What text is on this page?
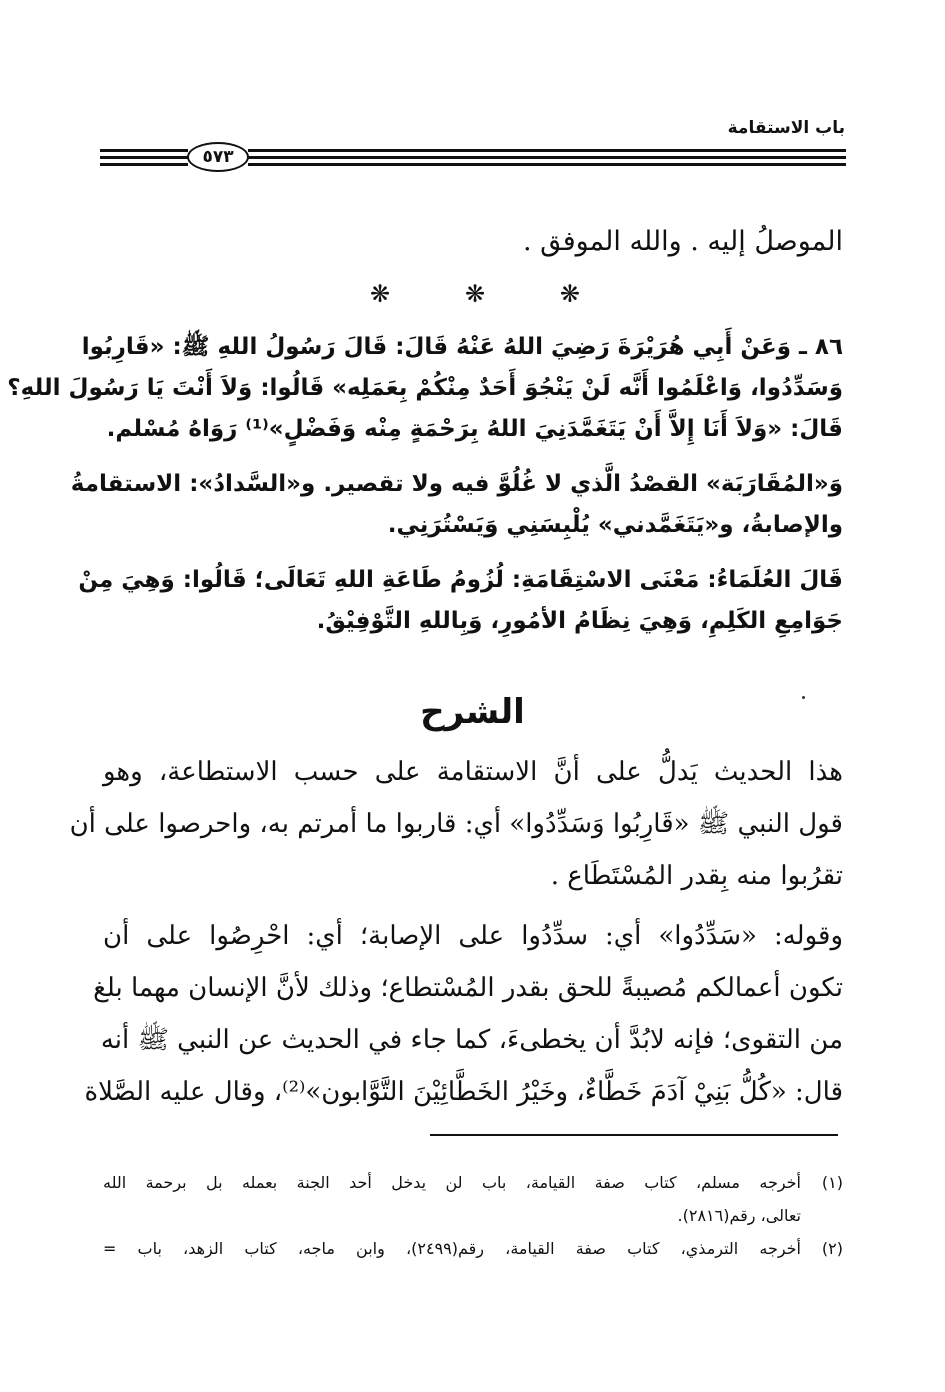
باب الاستقامة
٥٧٣
الموصلُ إليه . والله الموفق .
❋	❋	❋
٨٦ ـ وَعَنْ أَبِي هُرَيْرَةَ رَضِيَ اللهُ عَنْهُ قَالَ: قَالَ رَسُولُ اللهِ ﷺ: «قَارِبُوا
وَسَدِّدُوا، وَاعْلَمُوا أَنَّه لَنْ يَنْجُوَ أَحَدٌ مِنْكُمْ بِعَمَلِه» قَالُوا: وَلاَ أَنْتَ يَا رَسُولَ اللهِ؟
قَالَ: «وَلاَ أَنَا إِلاَّ أَنْ يَتَغَمَّدَنِيَ اللهُ بِرَحْمَةٍ مِنْه وَفَضْلٍ»⁽¹⁾ رَوَاهُ مُسْلم.
وَ«المُقَارَبَة» القصْدُ الَّذي لا غُلُوَّ فيه ولا تقصير. و«السَّدادُ»: الاستقامةُ
والإصابةُ، و«يَتَغَمَّدني» يُلْبِسَنِي وَيَسْتُرَنِي.
قَالَ العُلَمَاءُ: مَعْنَى الاسْتِقَامَةِ: لُزُومُ طَاعَةِ اللهِ تَعَالَى؛ قَالُوا: وَهِيَ مِنْ
جَوَامِعِ الكَلِمِ، وَهِيَ نِظَامُ الأمُورِ، وَبِاللهِ التَّوْفِيْقُ.
الشرح
هذا الحديث يَدلُّ على أنَّ الاستقامة على حسب الاستطاعة، وهو
قول النبي ﷺ «قَارِبُوا وَسَدِّدُوا» أي: قاربوا ما أمرتم به، واحرصوا على أن
تقرُبوا منه بِقدر المُسْتَطَاع .
وقوله: «سَدِّدُوا» أي: سدِّدُوا على الإصابة؛ أي: احْرِصُوا على أن
تكون أعمالكم مُصيبةً للحق بقدر المُسْتطاع؛ وذلك لأنَّ الإنسان مهما بلغ
من التقوى؛ فإنه لابُدَّ أن يخطىءَ، كما جاء في الحديث عن النبي ﷺ أنه
قال: «كُلُّ بَنِيْ آدَمَ خَطَّاءٌ، وخَيْرُ الخَطَّائِيْنَ التَّوَّابون»⁽²⁾، وقال عليه الصَّلاة
(١)
أخرجه مسلم، كتاب صفة القيامة، باب لن يدخل أحد الجنة بعمله بل برحمة الله
تعالى، رقم(٢٨١٦).
(٢)
أخرجه الترمذي، كتاب صفة القيامة، رقم(٢٤٩٩)، وابن ماجه، كتاب الزهد، باب =
